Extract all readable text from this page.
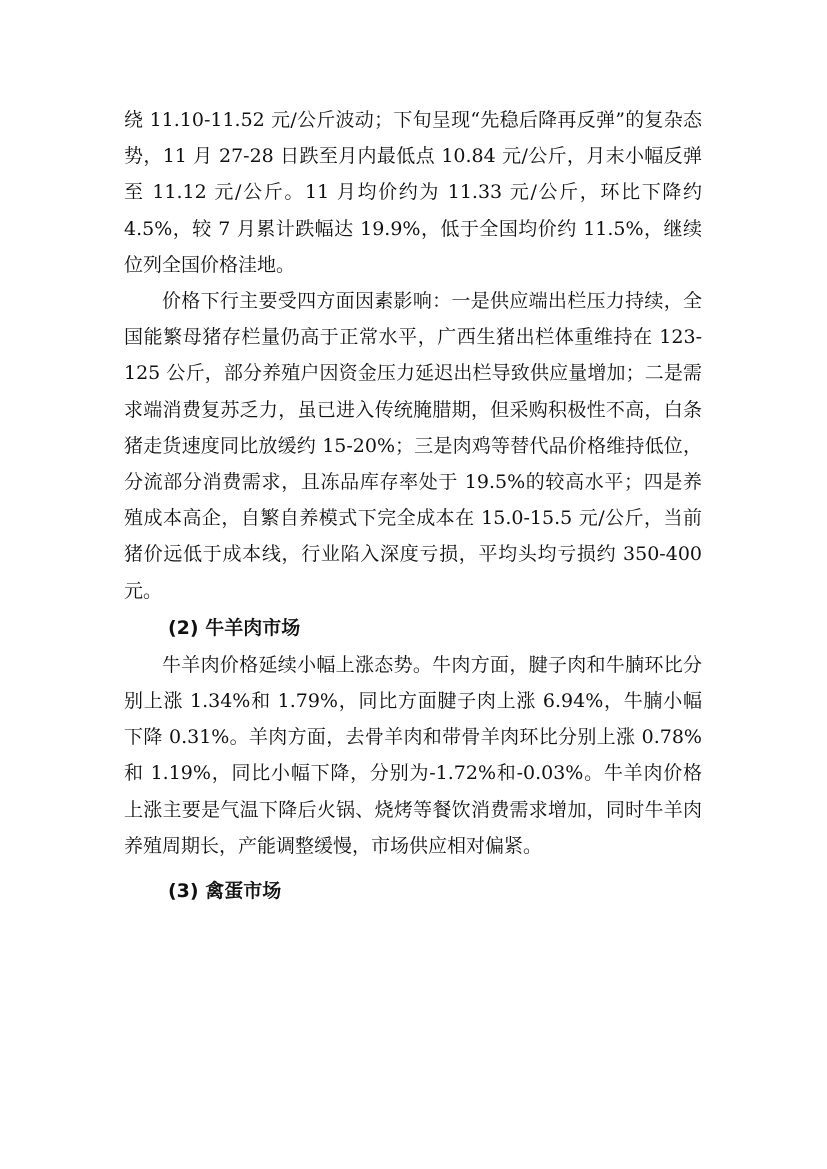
绕 11.10-11.52 元/公斤波动；下旬呈现“先稳后降再反弹”的复杂态势，11 月 27-28 日跌至月内最低点 10.84 元/公斤，月末小幅反弹至 11.12 元/公斤。11 月均价约为 11.33 元/公斤，环比下降约 4.5%，较 7 月累计跌幅达 19.9%，低于全国均价约 11.5%，继续位列全国价格洼地。

价格下行主要受四方面因素影响：一是供应端出栏压力持续，全国能繁母猪存栏量仍高于正常水平，广西生猪出栏体重维持在 123-125 公斤，部分养殖户因资金压力延迟出栏导致供应量增加；二是需求端消费复苏乏力，虽已进入传统腌腊期，但采购积极性不高，白条猪走货速度同比放缓约 15-20%；三是肉鸡等替代品价格维持低位，分流部分消费需求，且冻品库存率处于 19.5%的较高水平；四是养殖成本高企，自繁自养模式下完全成本在 15.0-15.5 元/公斤，当前猪价远低于成本线，行业陷入深度亏损，平均头均亏损约 350-400 元。

(2) 牛羊肉市场

牛羊肉价格延续小幅上涨态势。牛肉方面，腱子肉和牛腩环比分别上涨 1.34%和 1.79%，同比方面腱子肉上涨 6.94%，牛腩小幅下降 0.31%。羊肉方面，去骨羊肉和带骨羊肉环比分别上涨 0.78%和 1.19%，同比小幅下降，分别为-1.72%和-0.03%。牛羊肉价格上涨主要是气温下降后火锅、烧烤等餐饮消费需求增加，同时牛羊肉养殖周期长，产能调整缓慢，市场供应相对偏紧。

(3) 禽蛋市场
